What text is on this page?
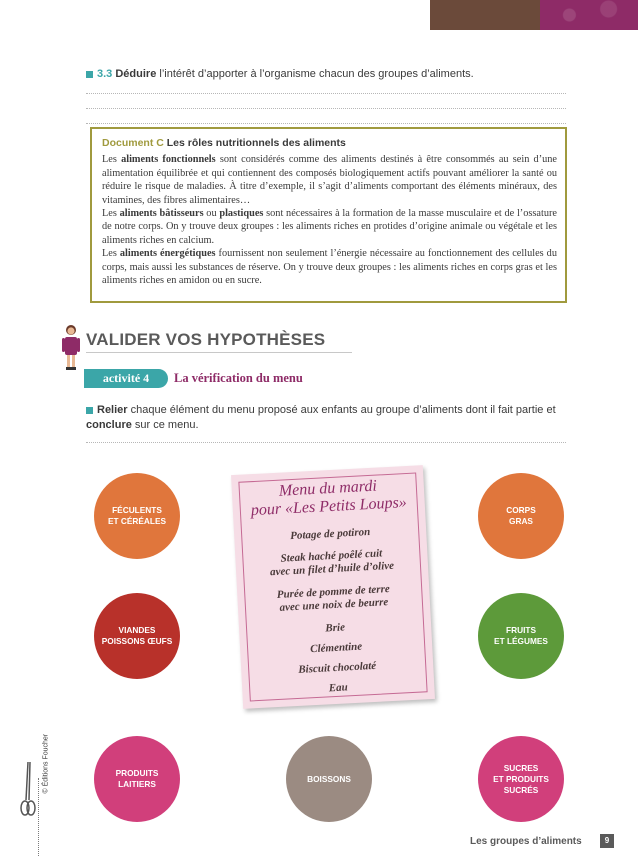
3.3 Déduire l’intérêt d’apporter à l’organisme chacun des groupes d’aliments.
Document C Les rôles nutritionnels des aliments
Les aliments fonctionnels sont considérés comme des aliments destinés à être consommés au sein d’une alimentation équilibrée et qui contiennent des composés biologiquement actifs pouvant améliorer la santé ou réduire le risque de maladies. À titre d’exemple, il s’agit d’aliments comportant des éléments minéraux, des vitamines, des fibres alimentaires…
Les aliments bâtisseurs ou plastiques sont nécessaires à la formation de la masse musculaire et de l’ossature de notre corps. On y trouve deux groupes : les aliments riches en protides d’origine animale ou végétale et les aliments riches en calcium.
Les aliments énergétiques fournissent non seulement l’énergie nécessaire au fonctionnement des cellules du corps, mais aussi les substances de réserve. On y trouve deux groupes : les aliments riches en corps gras et les aliments riches en amidon ou en sucre.
VALIDER VOS HYPOTHÈSES
activité 4	La vérification du menu
Relier chaque élément du menu proposé aux enfants au groupe d’aliments dont il fait partie et conclure sur ce menu.
FÉCULENTS
ET CÉRÉALES
CORPS
GRAS
VIANDES
POISSONS ŒUFS
FRUITS
ET LÉGUMES
PRODUITS
LAITIERS
BOISSONS
SUCRES
ET PRODUITS
SUCRÉS
Menu du mardi
pour «Les Petits Loups»
Potage de potiron
Steak haché poêlé cuit
avec un filet d’huile d’olive
Purée de pomme de terre
avec une noix de beurre
Brie
Clémentine
Biscuit chocolaté
Eau
© Éditions Foucher
Les groupes d’aliments	9
